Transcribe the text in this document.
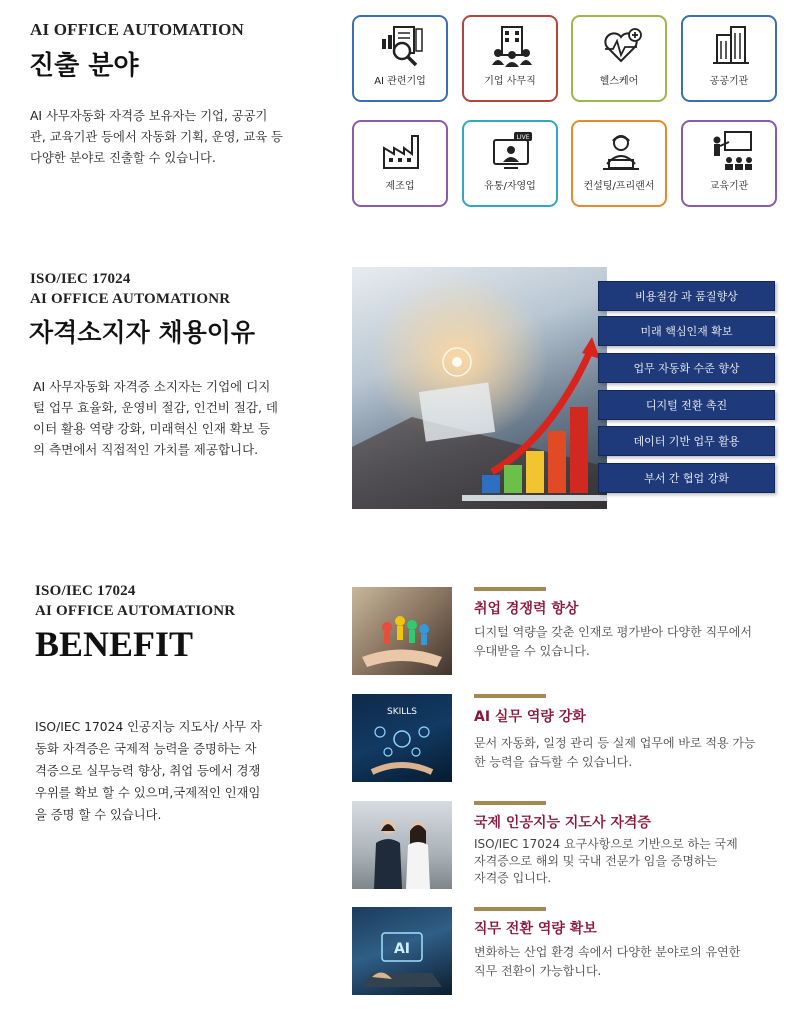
AI OFFICE AUTOMATION
진출 분야
AI 사무자동화 자격증 보유자는 기업, 공공기
관, 교육기관 등에서 자동화 기획, 운영, 교육 등
다양한 분야로 진출할 수 있습니다.
AI 관련기업	기업 사무직	헬스케어	공공기관
제조업
LIVE
유통/자영업	컨설팅/프리랜서	교육기관
ISO/IEC 17024
AI OFFICE AUTOMATIONR
자격소지자 채용이유
AI 사무자동화 자격증 소지자는 기업에 디지
털 업무 효율화, 운영비 절감, 인건비 절감, 데
이터 활용 역량 강화, 미래혁신 인재 확보 등
의 측면에서 직접적인 가치를 제공합니다.
비용절감 과 품질향상
미래 핵심인재 확보
업무 자동화 수준 향상
디지털 전환 촉진
데이터 기반 업무 활용
부서 간 협업 강화
ISO/IEC 17024
AI OFFICE AUTOMATIONR
BENEFIT
ISO/IEC 17024 인공지능 지도사/ 사무 자
동화 자격증은 국제적 능력을 증명하는 자
격증으로 실무능력 향상, 취업 등에서 경쟁
우위를 확보 할 수 있으며,국제적인 인재임
을 증명 할 수 있습니다.
취업 경쟁력 향상
디지털 역량을 갖춘 인재로 평가받아 다양한 직무에서
우대받을 수 있습니다.
SKILLS	AI 실무 역량 강화
문서 자동화, 일정 관리 등 실제 업무에 바로 적용 가능
한 능력을 습득할 수 있습니다.
국제 인공지능 지도사 자격증
ISO/IEC 17024 요구사항으로 기반으로 하는 국제
자격증으로 해외 및 국내 전문가 임을 증명하는
자격증 입니다.
AI
직무 전환 역량 확보
변화하는 산업 환경 속에서 다양한 분야로의 유연한
직무 전환이 가능합니다.
